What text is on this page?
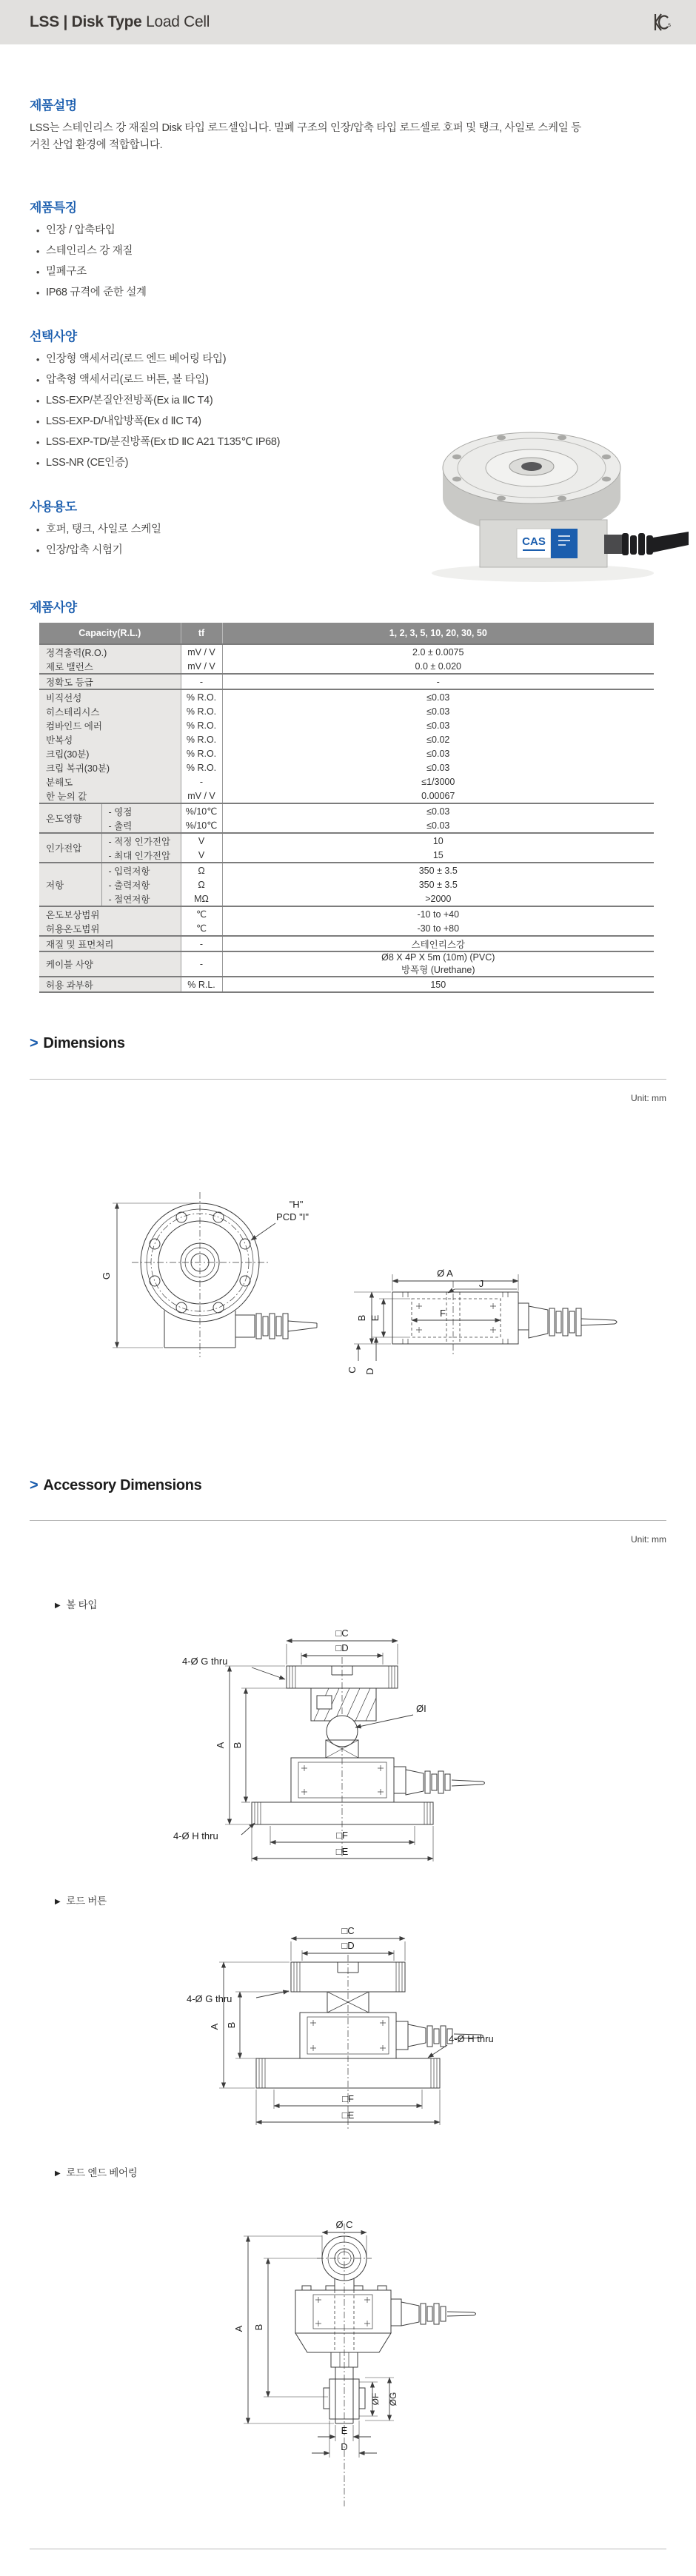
LSS | Disk Type Load Cell	s
제품설명
LSS는 스테인리스 강 재질의 Disk 타입 로드셀입니다. 밀폐 구조의 인장/압축 타입 로드셀로 호퍼 및 탱크, 사일로 스케일 등
거친 산업 환경에 적합합니다.
제품특징
•
인장 / 압축타입
•
스테인리스 강 재질
•
밀폐구조
•
IP68 규격에 준한 설계
선택사양
•
인장형 액세서리(로드 엔드 베어링 타입)
•
압축형 액세서리(로드 버튼, 볼 타입)
•
LSS-EXP/본질안전방폭(Ex ia ⅡC T4)
•
LSS-EXP-D/내압방폭(Ex d ⅡC T4)
•
LSS-EXP-TD/분진방폭(Ex tD ⅡC A21 T135℃ IP68)
•
LSS-NR (CE인증)
사용용도
•
호퍼, 탱크, 사일로 스케일
•
인장/압축 시험기
CAS
제품사양
Capacity(R.L.)		tf	1, 2, 3, 5, 10, 20, 30, 50
정격출력(R.O.)		mV / V	2.0 ± 0.0075

제로 밸런스		mV / V	0.0 ± 0.020

정확도 등급		-	-

비직선성		% R.O.	≤0.03

히스테리시스		% R.O.	≤0.03

컴바인드 에러		% R.O.	≤0.03

반복성		% R.O.	≤0.02

크립(30분)		% R.O.	≤0.03

크립 복귀(30분)		% R.O.	≤0.03

분해도		-	≤1/3000

한 눈의 값		mV / V	0.00067

온도영향	- 영점	%/10℃	≤0.03

	- 출력	%/10℃	≤0.03

인가전압	- 적정 인가전압	V	10

	- 최대 인가전압	V	15

저항	- 입력저항	Ω	350 ± 3.5

	- 출력저항	Ω	350 ± 3.5

	- 절연저항	MΩ	>2000

온도보상범위		℃	-10 to +40

허용온도범위		℃	-30 to +80

재질 및 표면처리		-	스테인리스강

케이블 사양		-	Ø8 X 4P X 5m (10m) (PVC)
방폭형 (Urethane)

허용 과부하		% R.L.	150
> Dimensions
Unit: mm
G
"H"
PCD "I"
Ø A
J
B E
C D
F
> Accessory Dimensions
Unit: mm
▶ 볼 타입
□C
□D
ØI
A B
4-Ø G thru
4-Ø H thru	□F
□E
▶ 로드 버튼
□C
□D
A B
4-Ø G thru
4-Ø H thru
□F
□E
▶ 로드 엔드 베어링
Ø C
ØF ØG
E
D
B
A
